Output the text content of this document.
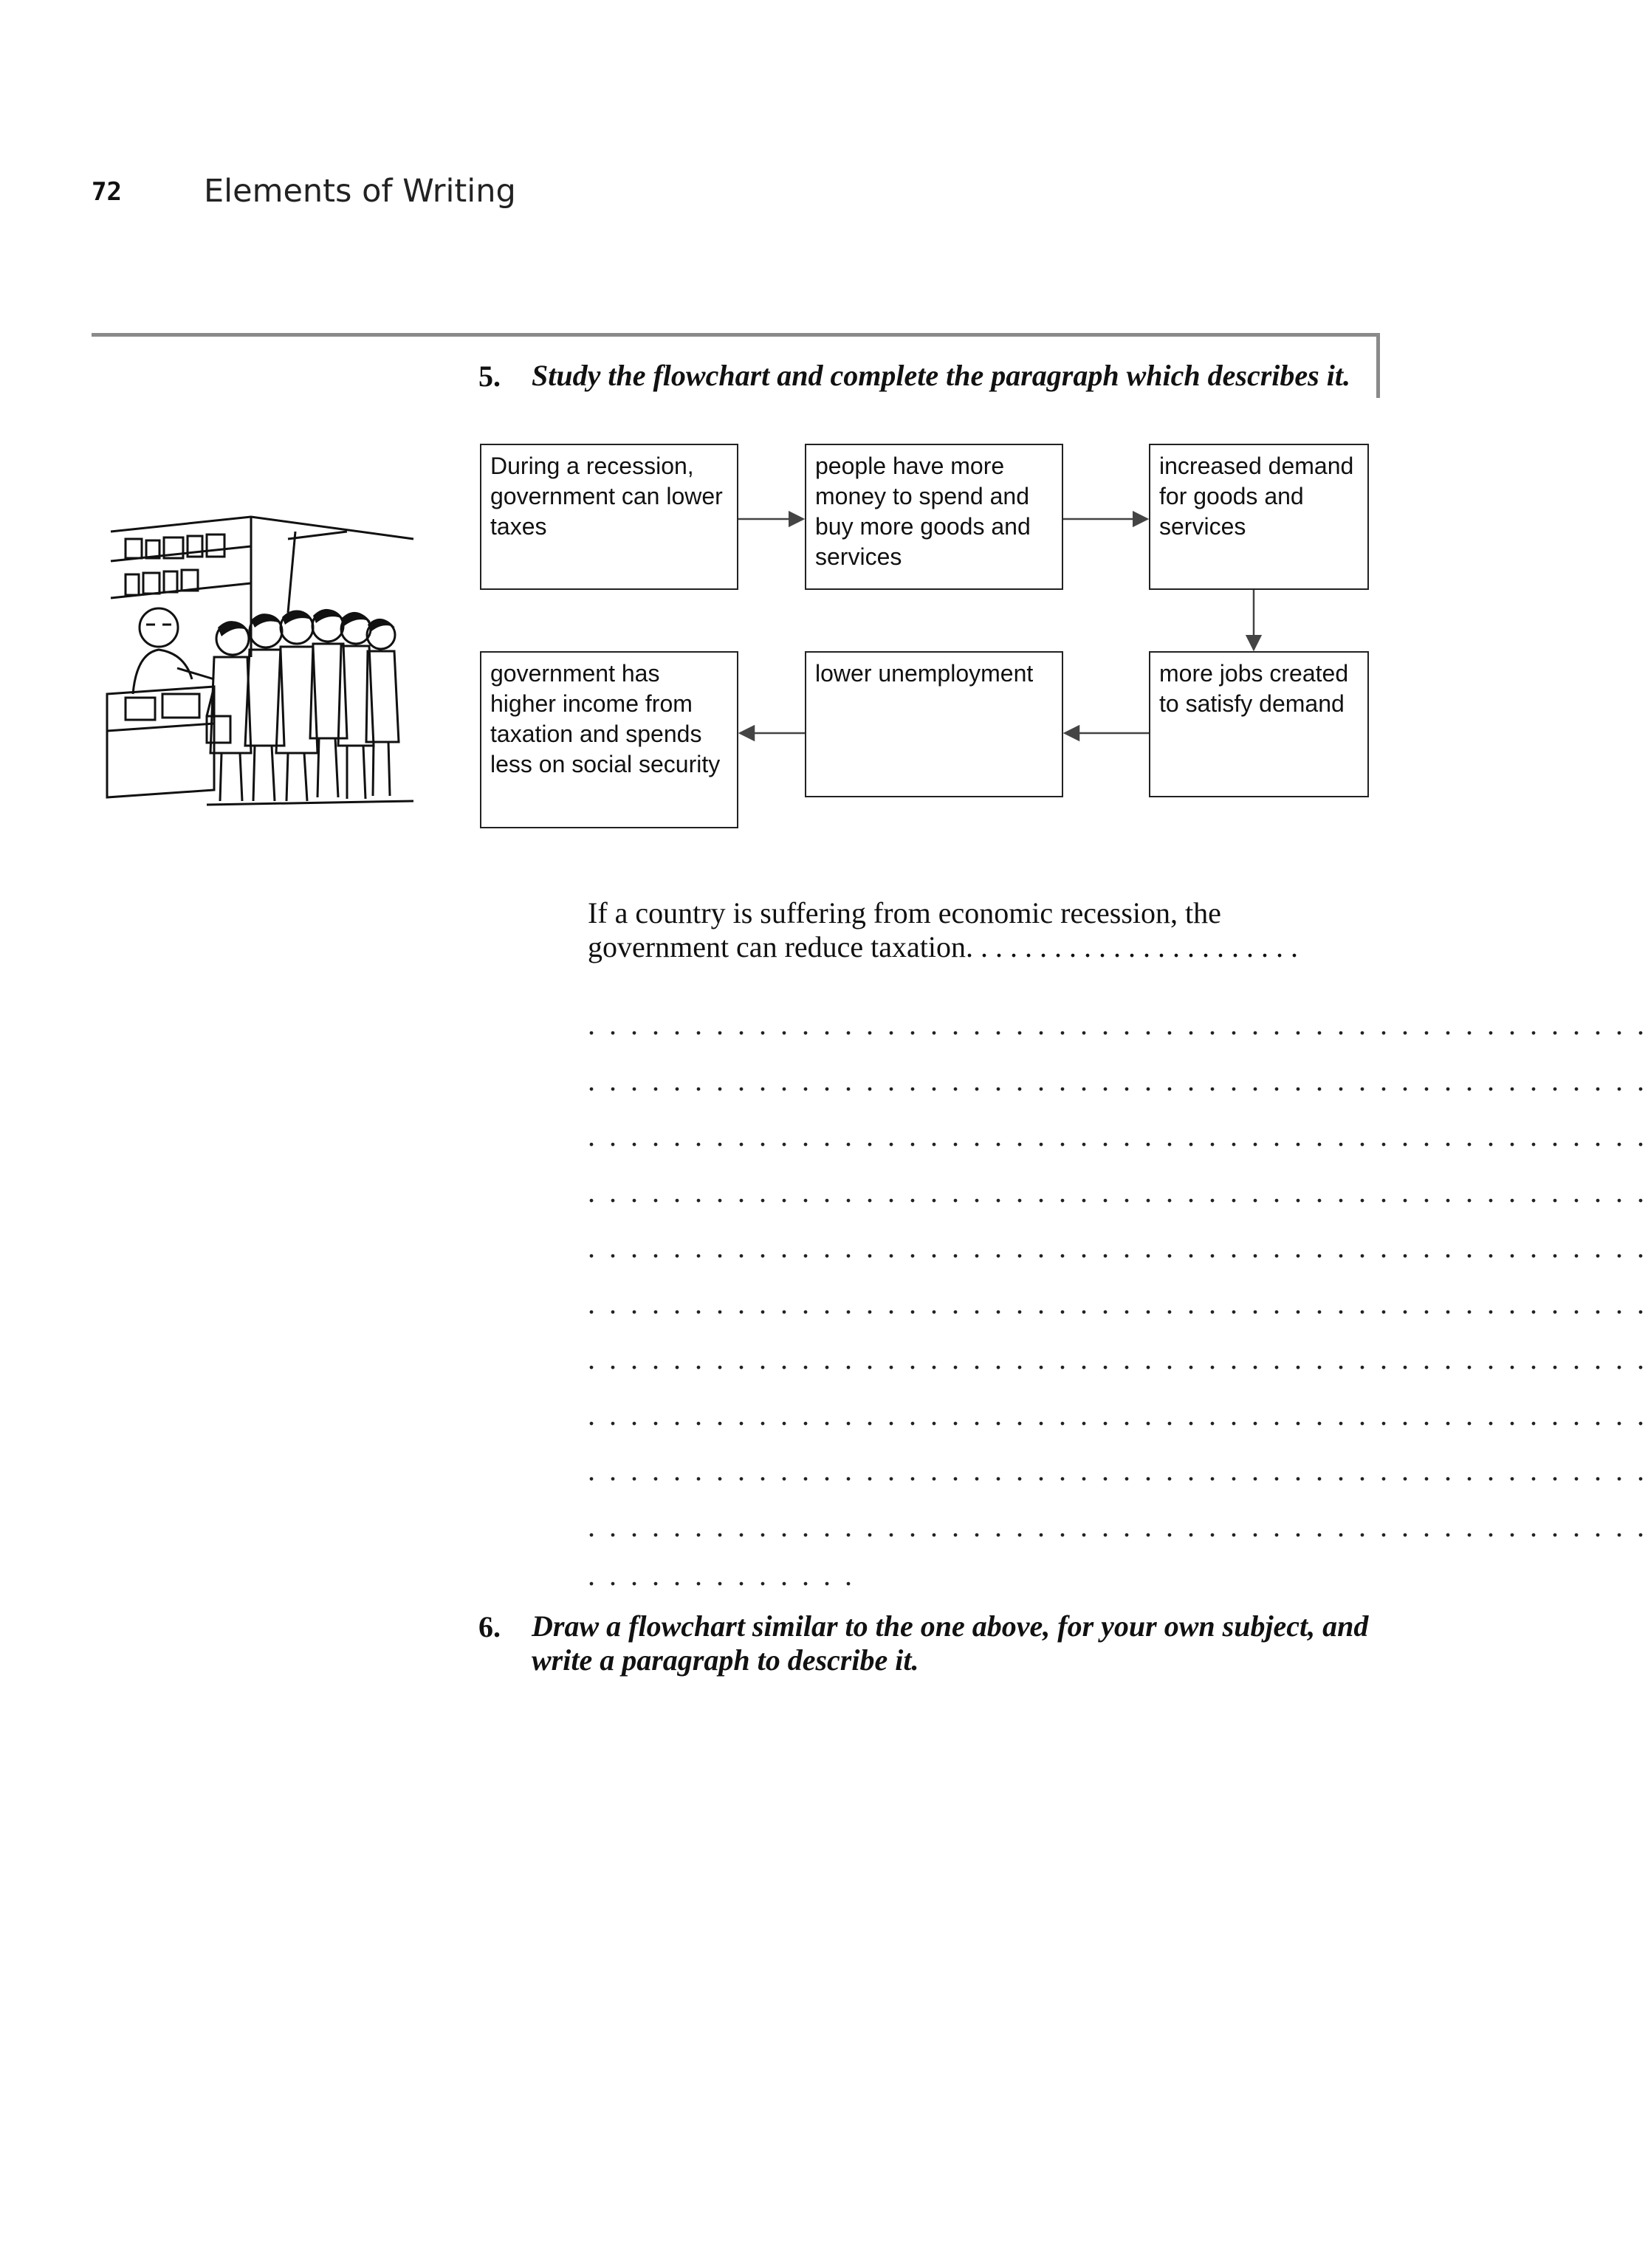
72	Elements of Writing
5. Study the flowchart and complete the paragraph which describes it.
During a recession, government can lower taxes
people have more money to spend and buy more goods and services
increased demand for goods and services
government has higher income from taxation and spends less on social security
lower unemployment	more jobs created to satisfy demand
If a country is suffering from economic recession, the government can reduce taxation. . . . . . . . . . . . . . . . . . . . . . .
. . . . . . . . . . . . . . . . . . . . . . . . . . . . . . . . . . . . . . . . . . . . . . . . . .
. . . . . . . . . . . . . . . . . . . . . . . . . . . . . . . . . . . . . . . . . . . . . . . . . .
. . . . . . . . . . . . . . . . . . . . . . . . . . . . . . . . . . . . . . . . . . . . . . . . . .
. . . . . . . . . . . . . . . . . . . . . . . . . . . . . . . . . . . . . . . . . . . . . . . . . .
. . . . . . . . . . . . . . . . . . . . . . . . . . . . . . . . . . . . . . . . . . . . . . . . . .
. . . . . . . . . . . . . . . . . . . . . . . . . . . . . . . . . . . . . . . . . . . . . . . . . .
. . . . . . . . . . . . . . . . . . . . . . . . . . . . . . . . . . . . . . . . . . . . . . . . . .
. . . . . . . . . . . . . . . . . . . . . . . . . . . . . . . . . . . . . . . . . . . . . . . . . .
. . . . . . . . . . . . . . . . . . . . . . . . . . . . . . . . . . . . . . . . . . . . . . . . . .
. . . . . . . . . . . . . . . . . . . . . . . . . . . . . . . . . . . . . . . . . . . . . . . . . .
. . . . . . . . . . . . .
6. Draw a flowchart similar to the one above, for your own subject, and write a paragraph to describe it.
